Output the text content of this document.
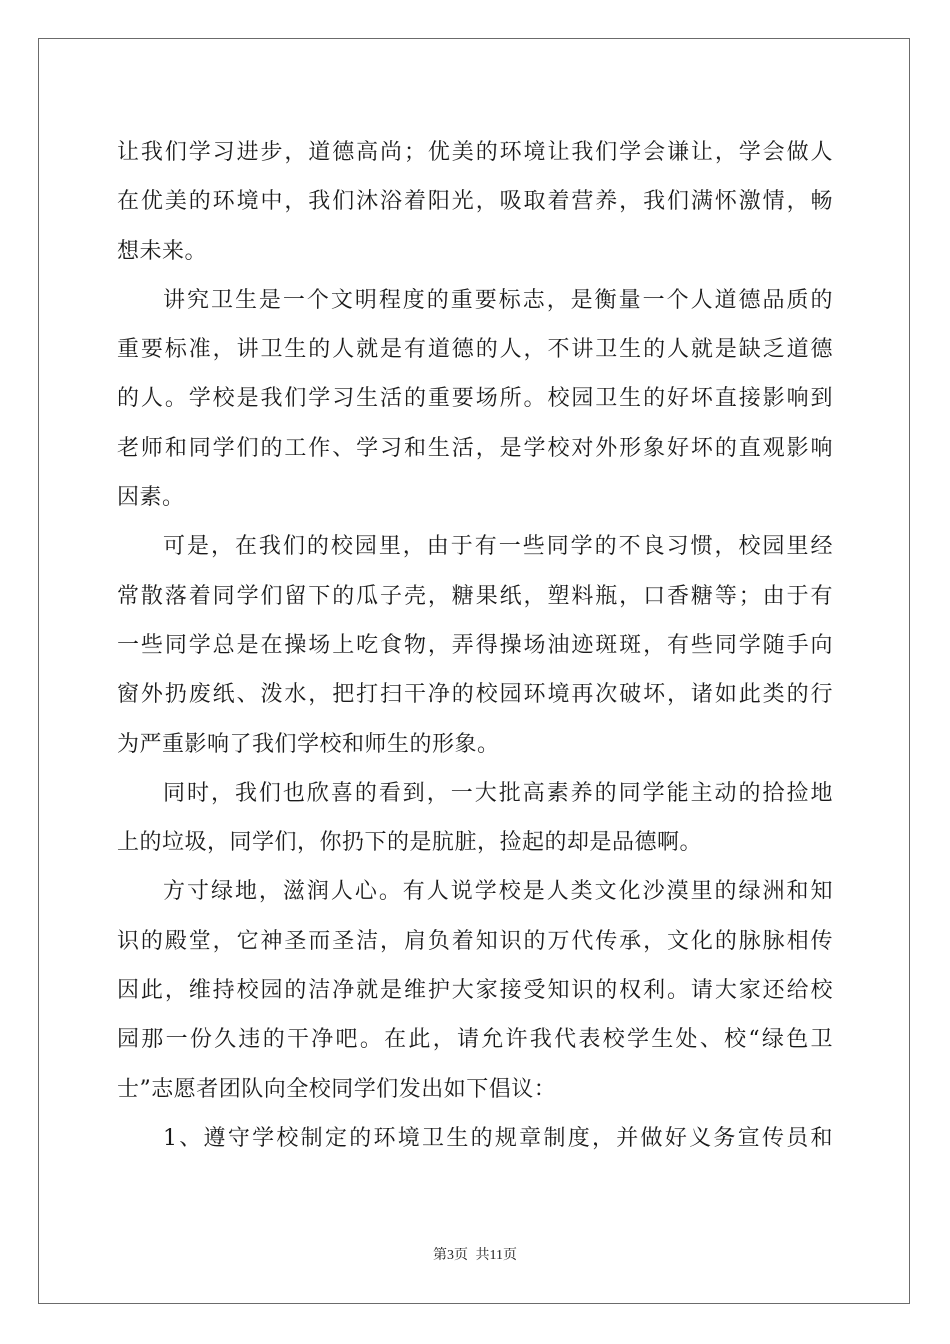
让我们学习进步，道德高尚；优美的环境让我们学会谦让，学会做人
在优美的环境中，我们沐浴着阳光，吸取着营养，我们满怀激情，畅
想未来。
讲究卫生是一个文明程度的重要标志，是衡量一个人道德品质的
重要标准，讲卫生的人就是有道德的人，不讲卫生的人就是缺乏道德
的人。学校是我们学习生活的重要场所。校园卫生的好坏直接影响到
老师和同学们的工作、学习和生活，是学校对外形象好坏的直观影响
因素。
可是，在我们的校园里，由于有一些同学的不良习惯，校园里经
常散落着同学们留下的瓜子壳，糖果纸，塑料瓶，口香糖等；由于有
一些同学总是在操场上吃食物，弄得操场油迹斑斑，有些同学随手向
窗外扔废纸、泼水，把打扫干净的校园环境再次破坏，诸如此类的行
为严重影响了我们学校和师生的形象。
同时，我们也欣喜的看到，一大批高素养的同学能主动的拾捡地
上的垃圾，同学们，你扔下的是肮脏，捡起的却是品德啊。
方寸绿地，滋润人心。有人说学校是人类文化沙漠里的绿洲和知
识的殿堂，它神圣而圣洁，肩负着知识的万代传承，文化的脉脉相传
因此，维持校园的洁净就是维护大家接受知识的权利。请大家还给校
园那一份久违的干净吧。在此，请允许我代表校学生处、校“绿色卫
士”志愿者团队向全校同学们发出如下倡议：
1、遵守学校制定的环境卫生的规章制度，并做好义务宣传员和
第3页 共11页
